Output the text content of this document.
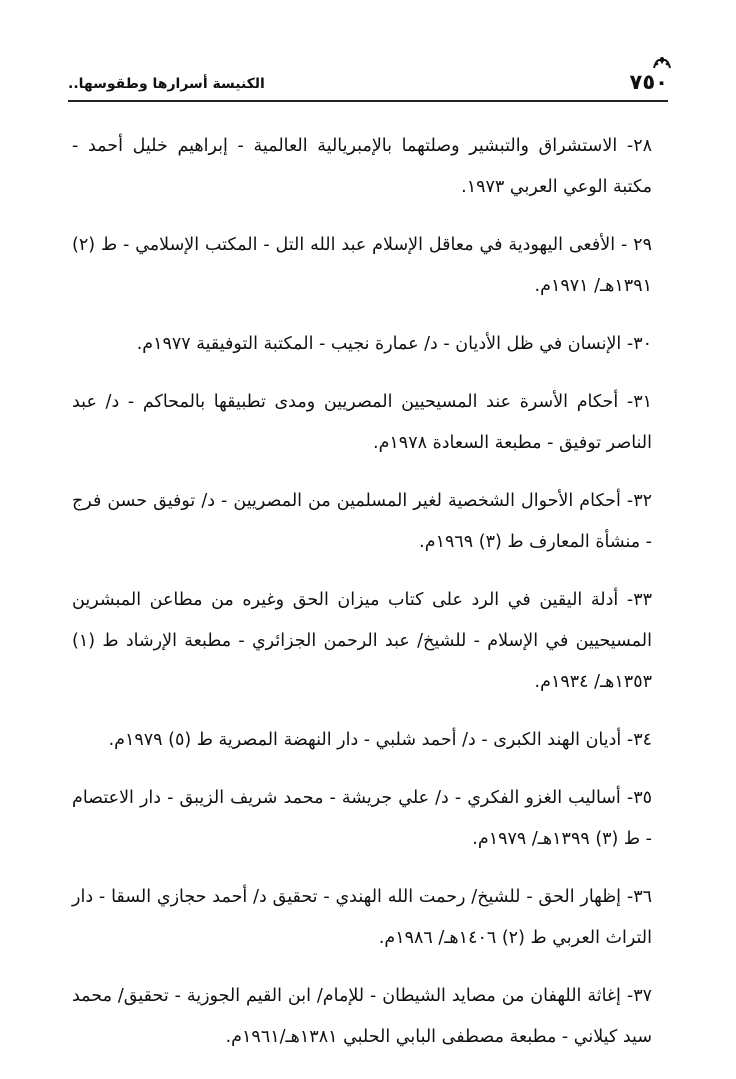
٧٥٠
الكنيسة أسرارها وطقوسها..
٢٨- الاستشراق والتبشير وصلتهما بالإمبريالية العالمية - إبراهيم خليل أحمد - مكتبة الوعي العربي ١٩٧٣.
٢٩ - الأفعى اليهودية في معاقل الإسلام عبد الله التل - المكتب الإسلامي - ط (٢) ١٣٩١هـ/ ١٩٧١م.
٣٠- الإنسان في ظل الأديان - د/ عمارة نجيب - المكتبة التوفيقية ١٩٧٧م.
٣١- أحكام الأسرة عند المسيحيين المصريين ومدى تطبيقها بالمحاكم - د/ عبد الناصر توفيق - مطبعة السعادة ١٩٧٨م.
٣٢- أحكام الأحوال الشخصية لغير المسلمين من المصريين - د/ توفيق حسن فرج - منشأة المعارف ط (٣) ١٩٦٩م.
٣٣- أدلة اليقين في الرد على كتاب ميزان الحق وغيره من مطاعن المبشرين المسيحيين في الإسلام - للشيخ/ عبد الرحمن الجزائري - مطبعة الإرشاد ط (١) ١٣٥٣هـ/ ١٩٣٤م.
٣٤- أديان الهند الكبرى - د/ أحمد شلبي - دار النهضة المصرية ط (٥) ١٩٧٩م.
٣٥- أساليب الغزو الفكري - د/ علي جريشة - محمد شريف الزيبق - دار الاعتصام - ط (٣) ١٣٩٩هـ/ ١٩٧٩م.
٣٦- إظهار الحق - للشيخ/ رحمت الله الهندي - تحقيق د/ أحمد حجازي السقا - دار التراث العربي ط (٢) ١٤٠٦هـ/ ١٩٨٦م.
٣٧- إغاثة اللهفان من مصايد الشيطان - للإمام/ ابن القيم الجوزية - تحقيق/ محمد سيد كيلاني - مطبعة مصطفى البابي الحلبي ١٣٨١هـ/١٩٦١م.
